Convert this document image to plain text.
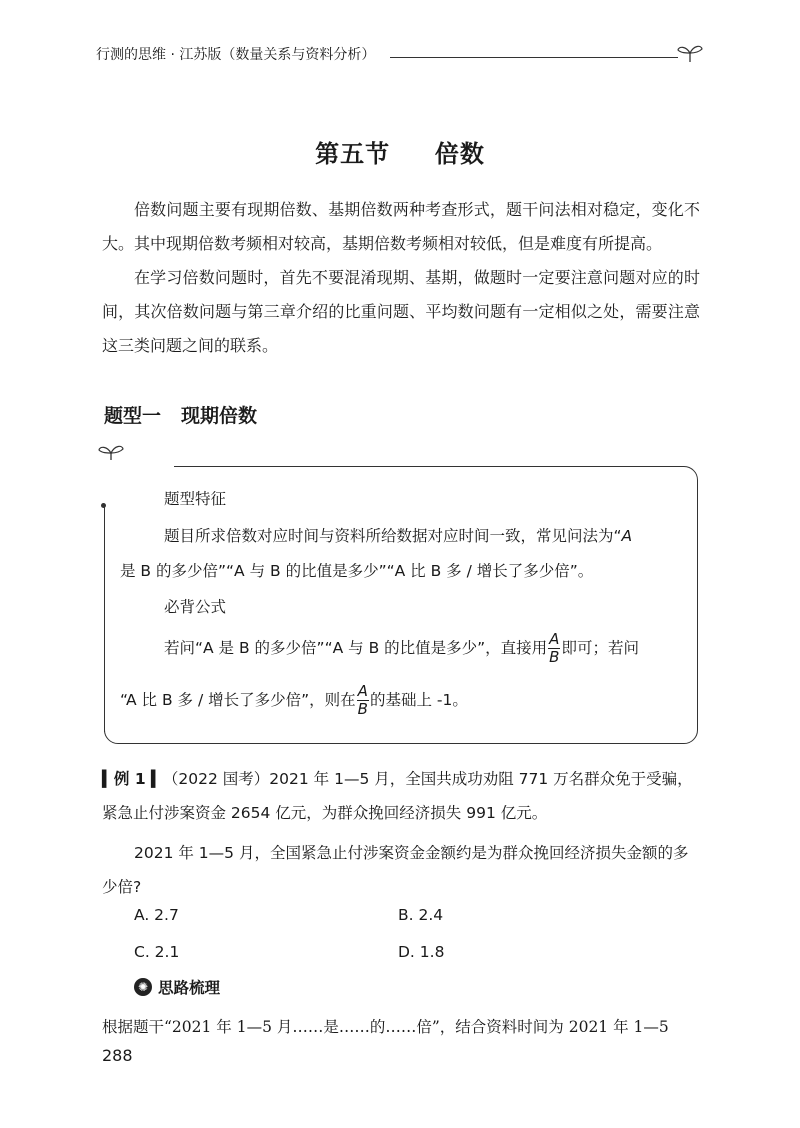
行测的思维 · 江苏版（数量关系与资料分析）
第五节 倍数
倍数问题主要有现期倍数、基期倍数两种考查形式，题干问法相对稳定，变化不大。其中现期倍数考频相对较高，基期倍数考频相对较低，但是难度有所提高。
在学习倍数问题时，首先不要混淆现期、基期，做题时一定要注意问题对应的时间，其次倍数问题与第三章介绍的比重问题、平均数问题有一定相似之处，需要注意这三类问题之间的联系。
题型一 现期倍数
题型特征
题目所求倍数对应时间与资料所给数据对应时间一致，常见问法为“A
是 B 的多少倍”“A 与 B 的比值是多少”“A 比 B 多 / 增长了多少倍”。
必背公式
若问“A 是 B 的多少倍”“A 与 B 的比值是多少”，直接用 $\frac{A}{B}$ 即可；若问
“A 比 B 多 / 增长了多少倍”，则在 $\frac{A}{B}$ 的基础上 -1。
▍例 1 ▍（2022 国考）2021 年 1—5 月，全国共成功劝阻 771 万名群众免于受骗，紧急止付涉案资金 2654 亿元，为群众挽回经济损失 991 亿元。
2021 年 1—5 月，全国紧急止付涉案资金金额约是为群众挽回经济损失金额的多少倍?
A. 2.7	B. 2.4
C. 2.1	D. 1.8
✺ 思路梳理
根据题干“2021 年 1—5 月……是……的……倍”，结合资料时间为 2021 年 1—5
288
